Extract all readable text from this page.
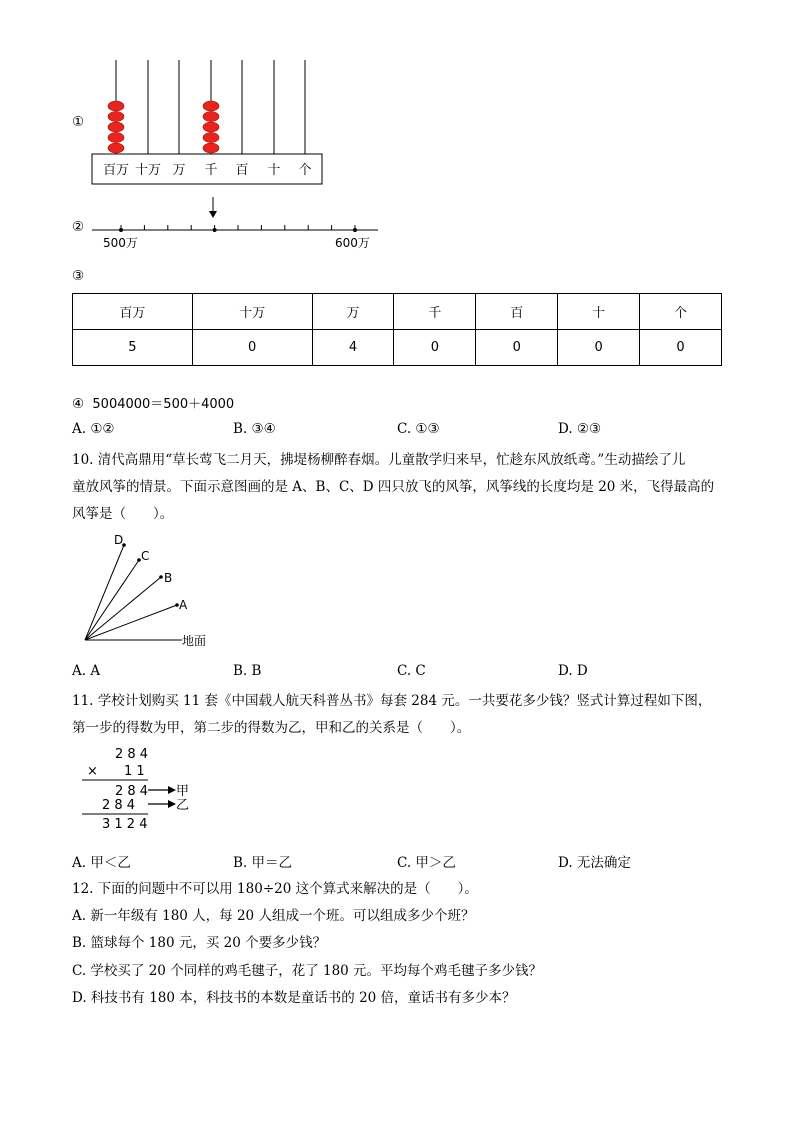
①
百万 十万 万 千 百 十 个
②
500万	600万
③
百万	十万	万	千	百	十	个
5	0	4	0	0	0	0
④ 5004000＝500＋4000
A. ①②	B. ③④	C. ①③	D. ②③
10. 清代高鼎用“草长莺飞二月天，拂堤杨柳醉春烟。儿童散学归来早，忙趁东风放纸鸢。”生动描绘了儿
童放风筝的情景。下面示意图画的是 A、B、C、D 四只放飞的风筝，风筝线的长度均是 20 米，飞得最高的
风筝是（　　）。
地面
A
B
C
D
A. A	B. B	C. C	D. D
11. 学校计划购买 11 套《中国载人航天科普丛书》每套 284 元。一共要花多少钱？竖式计算过程如下图，
第一步的得数为甲，第二步的得数为乙，甲和乙的关系是（　　）。
2 8 4
× 1 1
2 8 4 甲
2 8 4	乙
3 1 2 4
A. 甲＜乙	B. 甲＝乙	C. 甲＞乙	D. 无法确定
12. 下面的问题中不可以用 180÷20 这个算式来解决的是（　　）。
A. 新一年级有 180 人，每 20 人组成一个班。可以组成多少个班？
B. 篮球每个 180 元，买 20 个要多少钱？
C. 学校买了 20 个同样的鸡毛毽子，花了 180 元。平均每个鸡毛毽子多少钱？
D. 科技书有 180 本，科技书的本数是童话书的 20 倍，童话书有多少本？
